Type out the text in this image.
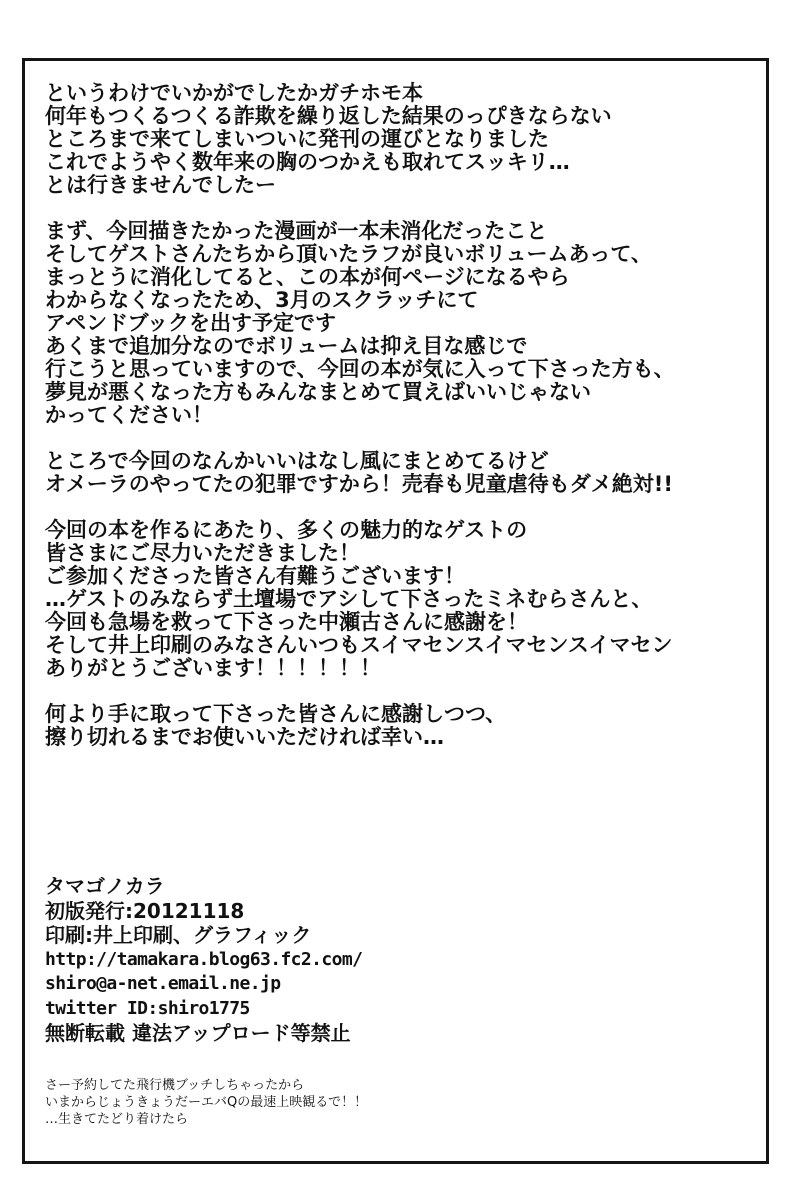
というわけでいかがでしたかガチホモ本
何年もつくるつくる詐欺を繰り返した結果のっぴきならない
ところまで来てしまいついに発刊の運びとなりました
これでようやく数年来の胸のつかえも取れてスッキリ…
とは行きませんでしたー
まず、今回描きたかった漫画が一本未消化だったこと
そしてゲストさんたちから頂いたラフが良いボリュームあって、
まっとうに消化してると、この本が何ページになるやら
わからなくなったため、3月のスクラッチにて
アペンドブックを出す予定です
あくまで追加分なのでボリュームは抑え目な感じで
行こうと思っていますので、今回の本が気に入って下さった方も、
夢見が悪くなった方もみんなまとめて買えばいいじゃない
かってください！
ところで今回のなんかいいはなし風にまとめてるけど
オメーラのやってたの犯罪ですから！売春も児童虐待もダメ絶対!!
今回の本を作るにあたり、多くの魅力的なゲストの
皆さまにご尽力いただきました！
ご参加くださった皆さん有難うございます！
…ゲストのみならず土壇場でアシして下さったミネむらさんと、
今回も急場を救って下さった中瀬古さんに感謝を！
そして井上印刷のみなさんいつもスイマセンスイマセンスイマセン
ありがとうございます！！！！！！
何より手に取って下さった皆さんに感謝しつつ、
擦り切れるまでお使いいただければ幸い…
タマゴノカラ
初版発行:20121118
印刷:井上印刷、グラフィック
http://tamakara.blog63.fc2.com/
shiro@a-net.email.ne.jp
twitter ID:shiro1775
無断転載 違法アップロード等禁止
さー予約してた飛行機ブッチしちゃったから
いまからじょうきょうだーエバQの最速上映観るで！！
…生きてたどり着けたら
